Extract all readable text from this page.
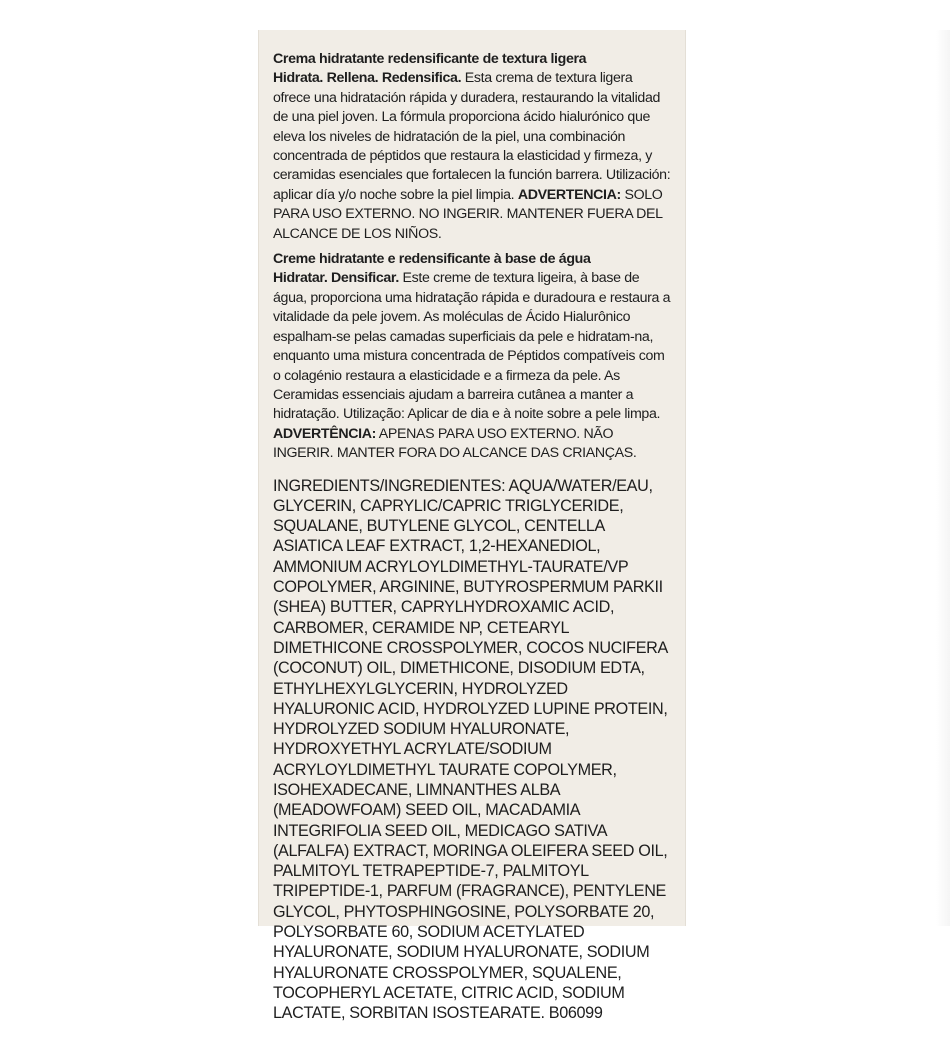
Crema hidratante redensificante de textura ligera
Hidrata. Rellena. Redensifica. Esta crema de textura ligera ofrece una hidratación rápida y duradera, restaurando la vitalidad de una piel joven. La fórmula proporciona ácido hialurónico que eleva los niveles de hidratación de la piel, una combinación concentrada de péptidos que restaura la elasticidad y firmeza, y ceramidas esenciales que fortalecen la función barrera. Utilización: aplicar día y/o noche sobre la piel limpia. ADVERTENCIA: SOLO PARA USO EXTERNO. NO INGERIR. MANTENER FUERA DEL ALCANCE DE LOS NIÑOS.

Creme hidratante e redensificante à base de água
Hidratar. Densificar. Este creme de textura ligeira, à base de água, proporciona uma hidratação rápida e duradoura e restaura a vitalidade da pele jovem. As moléculas de Ácido Hialurônico espalham-se pelas camadas superficiais da pele e hidratam-na, enquanto uma mistura concentrada de Péptidos compatíveis com o colagénio restaura a elasticidade e a firmeza da pele. As Ceramidas essenciais ajudam a barreira cutânea a manter a hidratação. Utilização: Aplicar de dia e à noite sobre a pele limpa.
ADVERTÊNCIA: APENAS PARA USO EXTERNO. NÃO INGERIR. MANTER FORA DO ALCANCE DAS CRIANÇAS.

INGREDIENTS/INGREDIENTES: AQUA/WATER/EAU, GLYCERIN, CAPRYLIC/CAPRIC TRIGLYCERIDE, SQUALANE, BUTYLENE GLYCOL, CENTELLA ASIATICA LEAF EXTRACT, 1,2-HEXANEDIOL, AMMONIUM ACRYLOYLDIMETHYL-TAURATE/VP COPOLYMER, ARGININE, BUTYROSPERMUM PARKII (SHEA) BUTTER, CAPRYLHYDROXAMIC ACID, CARBOMER, CERAMIDE NP, CETEARYL DIMETHICONE CROSSPOLYMER, COCOS NUCIFERA (COCONUT) OIL, DIMETHICONE, DISODIUM EDTA, ETHYLHEXYLGLYCERIN, HYDROLYZED HYALURONIC ACID, HYDROLYZED LUPINE PROTEIN, HYDROLYZED SODIUM HYALURONATE, HYDROXYETHYL ACRYLATE/SODIUM ACRYLOYLDIMETHYL TAURATE COPOLYMER, ISOHEXADECANE, LIMNANTHES ALBA (MEADOWFOAM) SEED OIL, MACADAMIA INTEGRIFOLIA SEED OIL, MEDICAGO SATIVA (ALFALFA) EXTRACT, MORINGA OLEIFERA SEED OIL, PALMITOYL TETRAPEPTIDE-7, PALMITOYL TRIPEPTIDE-1, PARFUM (FRAGRANCE), PENTYLENE GLYCOL, PHYTOSPHINGOSINE, POLYSORBATE 20, POLYSORBATE 60, SODIUM ACETYLATED HYALURONATE, SODIUM HYALURONATE, SODIUM HYALURONATE CROSSPOLYMER, SQUALENE, TOCOPHERYL ACETATE, CITRIC ACID, SODIUM LACTATE, SORBITAN ISOSTEARATE. B06099
